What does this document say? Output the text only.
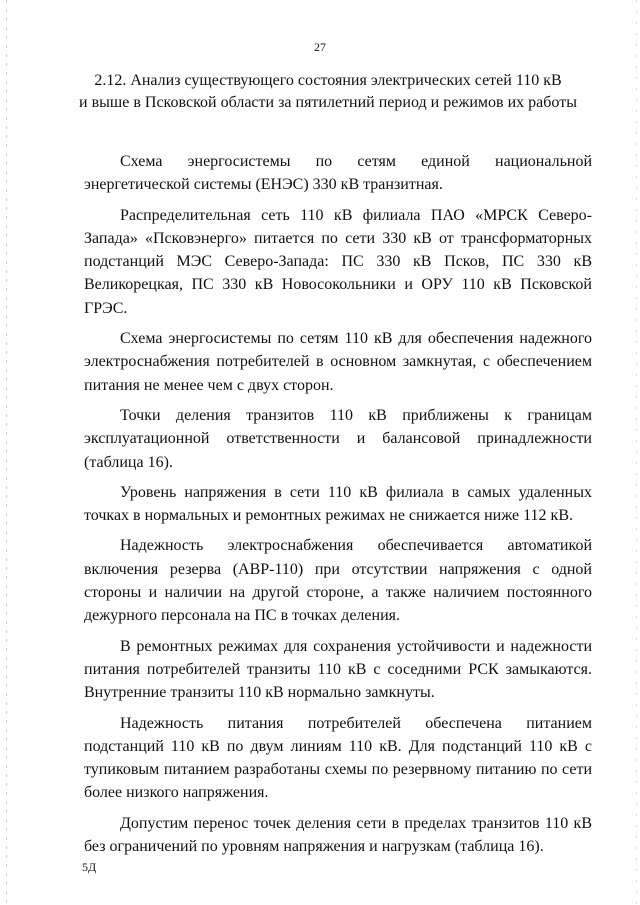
27
2.12. Анализ существующего состояния электрических сетей 110 кВ
и выше в Псковской области за пятилетний период и режимов их работы

Схема энергосистемы по сетям единой национальной энергетической системы (ЕНЭС) 330 кВ транзитная.

Распределительная сеть 110 кВ филиала ПАО «МРСК Северо-Запада» «Псковэнерго» питается по сети 330 кВ от трансформаторных подстанций МЭС Северо-Запада: ПС 330 кВ Псков, ПС 330 кВ Великорецкая, ПС 330 кВ Новосокольники и ОРУ 110 кВ Псковской ГРЭС.

Схема энергосистемы по сетям 110 кВ для обеспечения надежного электроснабжения потребителей в основном замкнутая, с обеспечением питания не менее чем с двух сторон.

Точки деления транзитов 110 кВ приближены к границам эксплуатационной ответственности и балансовой принадлежности (таблица 16).

Уровень напряжения в сети 110 кВ филиала в самых удаленных точках в нормальных и ремонтных режимах не снижается ниже 112 кВ.

Надежность электроснабжения обеспечивается автоматикой включения резерва (АВР-110) при отсутствии напряжения с одной стороны и наличии на другой стороне, а также наличием постоянного дежурного персонала на ПС в точках деления.

В ремонтных режимах для сохранения устойчивости и надежности питания потребителей транзиты 110 кВ с соседними РСК замыкаются. Внутренние транзиты 110 кВ нормально замкнуты.

Надежность питания потребителей обеспечена питанием подстанций 110 кВ по двум линиям 110 кВ. Для подстанций 110 кВ с тупиковым питанием разработаны схемы по резервному питанию по сети более низкого напряжения.

Допустим перенос точек деления сети в пределах транзитов 110 кВ без ограничений по уровням напряжения и нагрузкам (таблица 16).

5Д
